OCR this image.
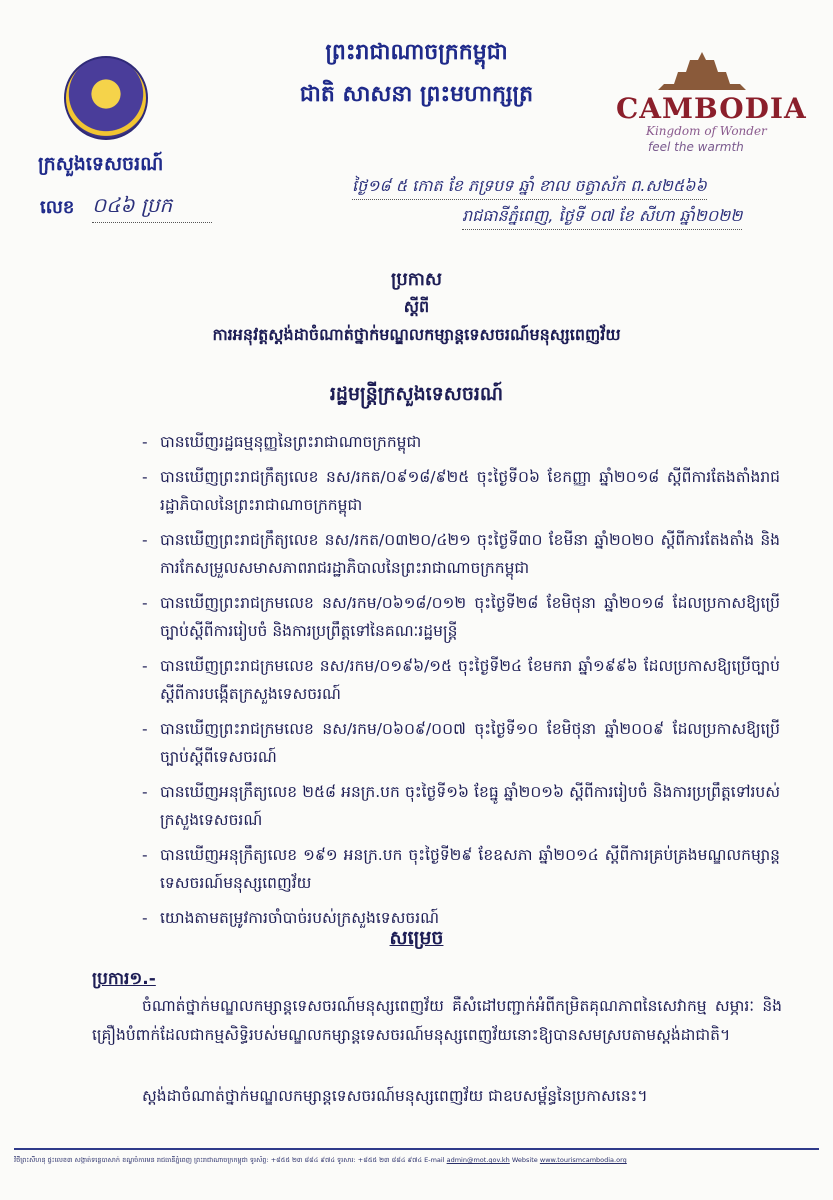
ព្រះរាជាណាចក្រកម្ពុជា
ជាតិ សាសនា ព្រះមហាក្សត្រ
ក្រសួងទេសចរណ៍
លេខ ០៤៦ ប្រក
CAMBODIA
Kingdom of Wonder
feel the warmth
ថ្ងៃ១៨ ៥ កោត ខែ ភទ្របទ ឆ្នាំ ខាល ចត្វាស័ក ព.ស២៥៦៦
រាជធានីភ្នំពេញ, ថ្ងៃទី ០៧ ខែ សីហា ឆ្នាំ២០២២
ប្រកាស
ស្ដីពី
ការអនុវត្តស្តង់ដាចំណាត់ថ្នាក់មណ្ឌលកម្សាន្តទេសចរណ៍មនុស្សពេញវ័យ
រដ្ឋមន្ត្រីក្រសួងទេសចរណ៍
- បានឃើញរដ្ឋធម្មនុញ្ញនៃព្រះរាជាណាចក្រកម្ពុជា
- បានឃើញព្រះរាជក្រឹត្យលេខ នស/រកត/០៩១៨/៩២៥ ចុះថ្ងៃទី០៦ ខែកញ្ញា ឆ្នាំ២០១៨ ស្ដីពីការតែងតាំងរាជរដ្ឋាភិបាលនៃព្រះរាជាណាចក្រកម្ពុជា
- បានឃើញព្រះរាជក្រឹត្យលេខ នស/រកត/០៣២០/៤២១ ចុះថ្ងៃទី៣០ ខែមីនា ឆ្នាំ២០២០ ស្ដីពីការតែងតាំង និងការកែសម្រួលសមាសភាពរាជរដ្ឋាភិបាលនៃព្រះរាជាណាចក្រកម្ពុជា
- បានឃើញព្រះរាជក្រមលេខ នស/រកម/០៦១៨/០១២ ចុះថ្ងៃទី២៨ ខែមិថុនា ឆ្នាំ២០១៨ ដែលប្រកាសឱ្យប្រើច្បាប់ស្ដីពីការរៀបចំ និងការប្រព្រឹត្តទៅនៃគណៈរដ្ឋមន្ត្រី
- បានឃើញព្រះរាជក្រមលេខ នស/រកម/០១៩៦/១៥ ចុះថ្ងៃទី២៤ ខែមករា ឆ្នាំ១៩៩៦ ដែលប្រកាសឱ្យប្រើច្បាប់ស្ដីពីការបង្កើតក្រសួងទេសចរណ៍
- បានឃើញព្រះរាជក្រមលេខ នស/រកម/០៦០៩/០០៧ ចុះថ្ងៃទី១០ ខែមិថុនា ឆ្នាំ២០០៩ ដែលប្រកាសឱ្យប្រើច្បាប់ស្ដីពីទេសចរណ៍
- បានឃើញអនុក្រឹត្យលេខ ២៥៨ អនក្រ.បក ចុះថ្ងៃទី១៦ ខែធ្នូ ឆ្នាំ២០១៦ ស្ដីពីការរៀបចំ និងការប្រព្រឹត្តទៅរបស់ក្រសួងទេសចរណ៍
- បានឃើញអនុក្រឹត្យលេខ ១៩១ អនក្រ.បក ចុះថ្ងៃទី២៩ ខែឧសភា ឆ្នាំ២០១៤ ស្ដីពីការគ្រប់គ្រងមណ្ឌលកម្សាន្តទេសចរណ៍មនុស្សពេញវ័យ
- យោងតាមតម្រូវការចាំបាច់របស់ក្រសួងទេសចរណ៍
សម្រេច
ប្រការ១.-
ចំណាត់ថ្នាក់មណ្ឌលកម្សាន្តទេសចរណ៍មនុស្សពេញវ័យ គឺសំដៅបញ្ជាក់អំពីកម្រិតគុណភាពនៃសេវាកម្ម សម្ភារៈ និងគ្រឿងបំពាក់ដែលជាកម្មសិទ្ធិរបស់មណ្ឌលកម្សាន្តទេសចរណ៍មនុស្សពេញវ័យនោះឱ្យបានសមស្របតាមស្តង់ដាជាតិ។
ស្តង់ដាចំណាត់ថ្នាក់មណ្ឌលកម្សាន្តទេសចរណ៍មនុស្សពេញវ័យ ជាឧបសម្ព័ន្ធនៃប្រកាសនេះ។
វិថីព្រះសីហនុ ផ្ទះលេខ៣ សង្កាត់ទន្លេបាសាក់ ខណ្ឌចំការមន រាជធានីភ្នំពេញ ព្រះរាជាណាចក្រកម្ពុជា ទូរស័ព្ទ: +៨៥៥ ២៣ ៨៨៤ ៩៧៤ ទូរសារ: +៨៥៥ ២៣ ៨៨៤ ៩៧៤ E-mail admin@mot.gov.kh Website www.tourismcambodia.org
